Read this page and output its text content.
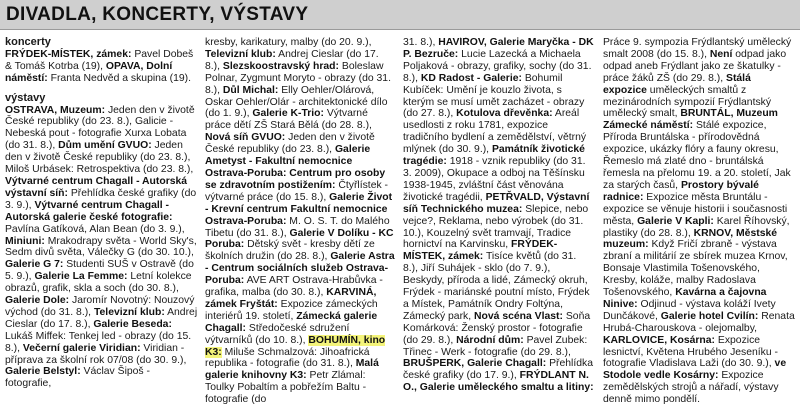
DIVADLA, KONCERTY, VÝSTAVY
koncerty
FRÝDEK-MÍSTEK, zámek: Pavel Dobeš & Tomáš Kotrba (19), OPAVA, Dolní náměstí: Franta Nedvěd a skupina (19).
výstavy
OSTRAVA, Muzeum: Jeden den v životě České republiky (do 23. 8.), Galicie - Nebeská pout - fotografie Xurxa Lobata (do 31. 8.), Dům umění GVUO: Jeden den v životě České republiky (do 23. 8.), Miloš Urbásek: Retrospektiva (do 23. 8.), Výtvarné centrum Chagall - Autorská výstavní síň: Přehlídka české grafiky (do 3. 9.), Výtvarné centrum Chagall - Autorská galerie české fotografie: Pavlína Gatíková, Alan Bean (do 3. 9.), Miniuni: Mrakodrapy světa - World Sky's, Sedm divů světa, Válečky G (do 30. 10.), Galerie G 7: Studenti SUŠ v Ostravě (do 5. 9.), Galerie La Femme: Letní kolekce obrazů, grafik, skla a soch (do 30. 8.), Galerie Dole: Jaromír Novotný: Nouzový východ (do 31. 8.), Televizní klub: Andrej Cieslar (do 17. 8.), Galerie Beseda: Lukáš Miffek: Tenkej led - obrazy (do 15. 8.), Večerní galerie Viridian: Viridian - příprava za školní rok 07/08 (do 30. 9.), Galerie Belstyl: Václav Šipoš - fotografie,
kresby, karikatury, malby (do 20. 9.), Televizní klub: Andrej Cieslar (do 17. 8.), Slezskoostravský hrad: Boleslaw Polnar, Zygmunt Moryto - obrazy (do 31. 8.), Důl Michal: Elly Oehler/Olárová, Oskar Oehler/Olár - architektonické dílo (do 1. 9.), Galerie K-Trio: Výtvarné práce dětí ZŠ Stará Bělá (do 28. 8.), Nová síň GVUO: Jeden den v životě České republiky (do 23. 8.), Galerie Ametyst - Fakultní nemocnice Ostrava-Poruba: Centrum pro osoby se zdravotním postižením: Čtyřlístek - výtvarné práce (do 15. 8.), Galerie Život - Krevní centrum Fakultní nemocnice Ostrava-Poruba: M. O. S. T. do Malého Tibetu (do 31. 8.), Galerie V Dolíku - KC Poruba: Dětský svět - kresby dětí ze školních družin (do 28. 8.), Galerie Astra - Centrum sociálních služeb Ostrava-Poruba: AVE ART Ostrava-Hrabůvka - grafika, malba (do 30. 8.), KARVINÁ, zámek Fryštát: Expozice zámeckých interiérů 19. století, Zámecká galerie Chagall: Středočeské sdružení výtvarníků (do 10. 8.), BOHUMÍN, kino K3: Miluše Schmalzová: Jihoafrická republika - fotografie (do 31. 8.), Malá galerie knihovny K3: Petr Zlámal: Toulky Pobaltím a pobřežím Baltu - fotografie (do
31. 8.), HAVÍŘOV, Galerie Maryčka - DK P. Bezruče: Lucie Lazecká a Michaela Poljaková - obrazy, grafiky, sochy (do 31. 8.), KD Radost - Galerie: Bohumil Kubíček: Umění je kouzlo života, s kterým se musí umět zacházet - obrazy (do 27. 8.), Kotulova dřevěnka: Areál usedlosti z roku 1781, expozice tradičního bydlení a zemědělství, větrný mlýnek (do 30. 9.), Památník životické tragédie: 1918 - vznik republiky (do 31. 3. 2009), Okupace a odboj na Těšínsku 1938-1945, zvláštní část věnována životické tragédii, PETŘVALD, Výstavní síň Technického muzea: Slepice, nebo vejce?, Reklama, nebo výrobek (do 31. 10.), Kouzelný svět tramvají, Tradice hornictví na Karvinsku, FRÝDEK-MÍSTEK, zámek: Tisíce květů (do 31. 8.), Jiří Suhájek - sklo (do 7. 9.), Beskydy, příroda a lidé, Zámecký okruh, Frýdek - mariánské poutní místo, Frýdek a Místek, Památník Ondry Foltýna, Zámecký park, Nová scéna Vlast: Soňa Komárková: Ženský prostor - fotografie (do 29. 8.), Národní dům: Pavel Zubek: Třinec - Werk - fotografie (do 29. 8.), BRUŠPERK, Galerie Chagall: Přehlídka české grafiky (do 17. 9.), FRÝDLANT N. O., Galerie uměleckého smaltu a litiny:
Práce 9. sympozia Frýdlantský umělecký smalt 2008 (do 15. 8.), Není odpad jako odpad aneb Frýdlant jako ze škatulky - práce žáků ZŠ (do 29. 8.), Stálá expozice uměleckých smaltů z mezinárodních sympozií Frýdlantský umělecký smalt, BRUNTÁL, Muzeum Zámecké náměstí: Stálé expozice, Příroda Bruntálska - přírodovědná expozice, ukázky flóry a fauny okresu, Řemeslo má zlaté dno - bruntálská řemesla na přelomu 19. a 20. století, Jak za starých časů, Prostory bývalé radnice: Expozice města Bruntálu - expozice se věnuje historii i současnosti města, Galerie V Kapli: Karel Říhovský, plastiky (do 28. 8.), KRNOV, Městské muzeum: Když Fričí zbraně - výstava zbraní a militárií ze sbírek muzea Krnov, Bonsaje Vlastimila Tošenovského, Kresby, koláže, malby Radoslava Tošenovského, Kavárna a čajovna Ninive: Odjinud - výstava koláží Ivety Dunčákové, Galerie hotel Cvilín: Renata Hrubá-Charouskova - olejomalby, KARLOVICE, Kosárna: Expozice lesnictví, Květena Hrubého Jeseníku - fotografie Vladislava Laži (do 30. 9.), ve Stodole vedle Kosárny: Expozice zemědělských strojů a nářadí, výstavy denně mimo pondělí.
